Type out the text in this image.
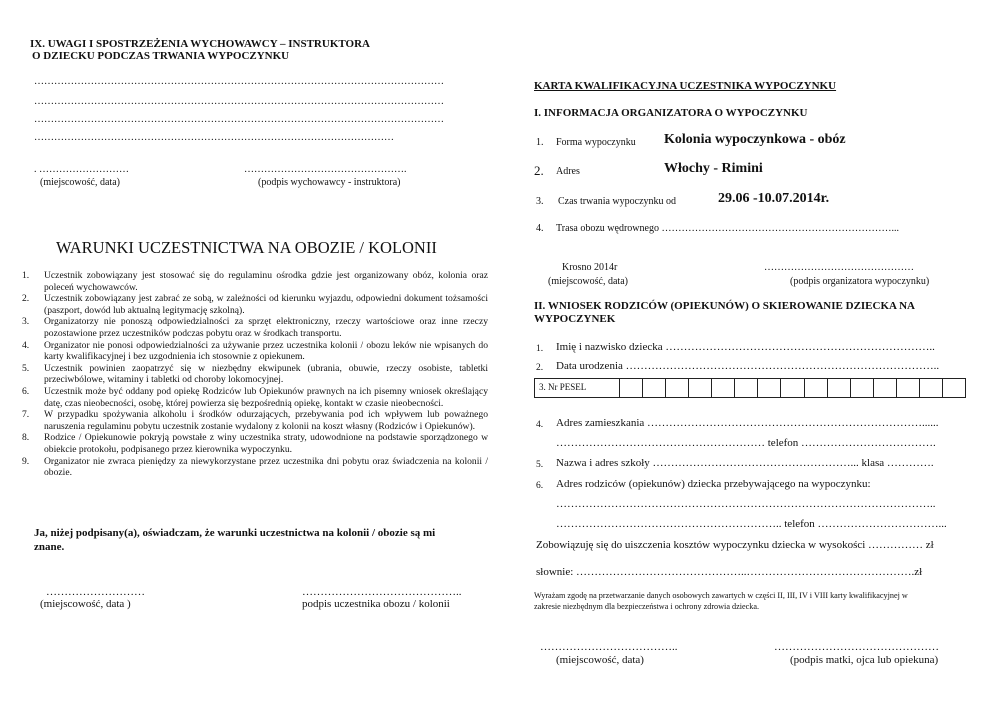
IX. UWAGI I SPOSTRZEŻENIA WYCHOWAWCY – INSTRUKTORA
O DZIECKU PODCZAS TRWANIA WYPOCZYNKU
……………………………………………………………………………………………………………
……………………………………………………………………………………………………………
……………………………………………………………………………………………………………
………………………………………………………………………………………………
. ………………………
(miejscowość, data)
………………………………………….
(podpis wychowawcy - instruktora)
WARUNKI UCZESTNICTWA NA OBOZIE / KOLONII
1.	Uczestnik zobowiązany jest stosować się do regulaminu ośrodka gdzie jest organizowany obóz, kolonia oraz poleceń wychowawców.
2.	Uczestnik zobowiązany jest zabrać ze sobą, w zależności od kierunku wyjazdu, odpowiedni dokument tożsamości (paszport, dowód lub aktualną legitymację szkolną).
3.	Organizatorzy nie ponoszą odpowiedzialności za sprzęt elektroniczny, rzeczy wartościowe oraz inne rzeczy pozostawione przez uczestników podczas pobytu oraz w środkach transportu.
4.	Organizator nie ponosi odpowiedzialności za używanie przez uczestnika kolonii / obozu leków nie wpisanych do karty kwalifikacyjnej i bez uzgodnienia ich stosownie z opiekunem.
5.	Uczestnik powinien zaopatrzyć się w niezbędny ekwipunek (ubrania, obuwie, rzeczy osobiste, tabletki przeciwbólowe, witaminy i tabletki od choroby lokomocyjnej.
6.	Uczestnik może być oddany pod opiekę Rodziców lub Opiekunów prawnych na ich pisemny wniosek określający datę, czas nieobecności, osobę, której powierza się bezpośrednią opiekę, kontakt w czasie nieobecności.
7.	W przypadku spożywania alkoholu i środków odurzających, przebywania pod ich wpływem lub poważnego naruszenia regulaminu pobytu uczestnik zostanie wydalony z kolonii na koszt własny (Rodziców i Opiekunów).
8.	Rodzice / Opiekunowie pokryją powstałe z winy uczestnika straty, udowodnione na podstawie sporządzonego w obiekcie protokołu, podpisanego przez kierownika wypoczynku.
9.	Organizator nie zwraca pieniędzy za niewykorzystane przez uczestnika dni pobytu oraz świadczenia na kolonii / obozie.
Ja, niżej podpisany(a), oświadczam, że warunki uczestnictwa na kolonii / obozie są mi
znane.
………………………
(miejscowość, data )
……………………………………..
podpis uczestnika obozu / kolonii
KARTA KWALIFIKACYJNA UCZESTNIKA WYPOCZYNKU
I. INFORMACJA ORGANIZATORA O WYPOCZYNKU
1. Forma wypoczynku Kolonia wypoczynkowa - obóz
2. Adres	Włochy - Rimini
3. Czas trwania wypoczynku od	29.06 -10.07.2014r.
4. Trasa obozu wędrownego ……………………………………………………………...
Krosno 2014r
(miejscowość, data)
………………………………………
(podpis organizatora wypoczynku)
II. WNIOSEK RODZICÓW (OPIEKUNÓW) O SKIEROWANIE DZIECKA NA
WYPOCZYNEK
1. Imię i nazwisko dziecka ………………………………………………………………..
2. Data urodzenia …………………………………………………………………………..
3. Nr PESEL
4. Adres zamieszkania …………………………………………………………………......
………………………………………………… telefon ……………………………….
5. Nazwa i adres szkoły ………………………………………………... klasa ………….
6. Adres rodziców (opiekunów) dziecka przebywającego na wypoczynku:
…………………………………………………………………………………………..
…………………………………………………….. telefon ……………………………...
Zobowiązuję się do uiszczenia kosztów wypoczynku dziecka w wysokości …………… zł
słownie: ………………………………………..……………………………………….zł
Wyrażam zgodę na przetwarzanie danych osobowych zawartych w części II, III, IV i VIII karty kwalifikacyjnej w
zakresie niezbędnym dla bezpieczeństwa i ochrony zdrowia dziecka.
………………………………..
(miejscowość, data)
………………………………………
(podpis matki, ojca lub opiekuna)
